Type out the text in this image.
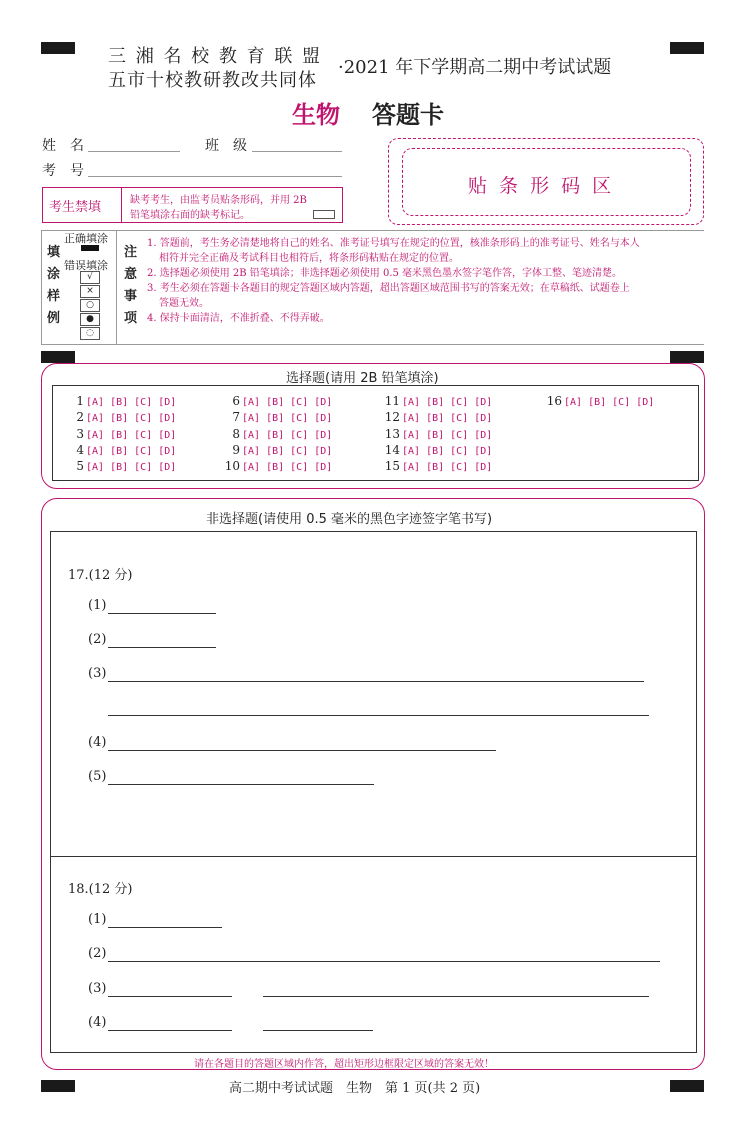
三 湘 名 校 教 育 联 盟
五市十校教研教改共同体
·2021 年下学期高二期中考试试题
生物 答题卡
姓　名	班　级
考　号
考生禁填	缺考考生，由监考员贴条形码，并用 2B
铅笔填涂右面的缺考标记。
贴 条 形 码 区
填
涂
样
例
正确填涂
错误填涂
√
×
○
●
◌
注
意
事
项
1. 答题前，考生务必清楚地将自己的姓名、准考证号填写在规定的位置，核准条形码上的准考证号、姓名与本人
相符并完全正确及考试科目也相符后，将条形码粘贴在规定的位置。
2. 选择题必须使用 2B 铅笔填涂；非选择题必须使用 0.5 毫米黑色墨水签字笔作答，字体工整、笔迹清楚。
3. 考生必须在答题卡各题目的规定答题区域内答题，超出答题区域范围书写的答案无效；在草稿纸、试题卷上
答题无效。
4. 保持卡面清洁，不准折叠、不得弄破。
选择题(请用 2B 铅笔填涂)
1 [A] [B] [C] [D]
2 [A] [B] [C] [D]
3 [A] [B] [C] [D]
4 [A] [B] [C] [D]
5 [A] [B] [C] [D]
6 [A] [B] [C] [D]
7 [A] [B] [C] [D]
8 [A] [B] [C] [D]
9 [A] [B] [C] [D]
10 [A] [B] [C] [D]
11 [A] [B] [C] [D]
12 [A] [B] [C] [D]
13 [A] [B] [C] [D]
14 [A] [B] [C] [D]
15 [A] [B] [C] [D]
16 [A] [B] [C] [D]
非选择题(请使用 0.5 毫米的黑色字迹签字笔书写)
17.(12 分)
(1)
(2)
(3)
(4)
(5)
18.(12 分)
(1)
(2)
(3)
(4)
请在各题目的答题区域内作答，超出矩形边框限定区域的答案无效！
高二期中考试试题　生物　第 1 页(共 2 页)
